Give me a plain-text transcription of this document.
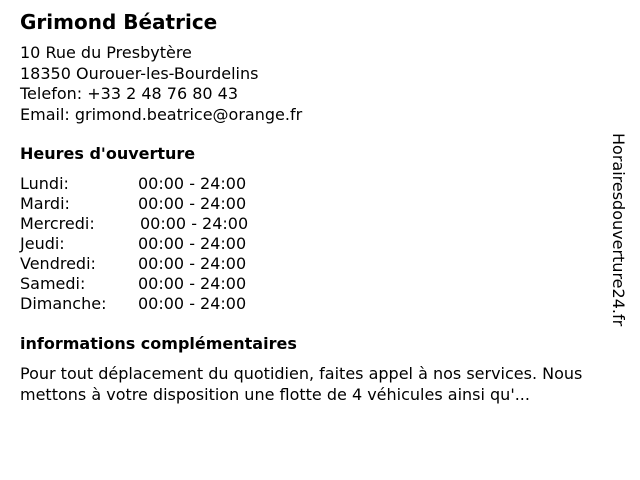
Grimond Béatrice
10 Rue du Presbytère
18350 Ourouer-les-Bourdelins
Telefon: +33 2 48 76 80 43
Email: grimond.beatrice@orange.fr
Heures d'ouverture
Lundi:	00:00 - 24:00
Mardi:	00:00 - 24:00
Mercredi:	00:00 - 24:00
Jeudi:	00:00 - 24:00
Vendredi:	00:00 - 24:00
Samedi:	00:00 - 24:00
Dimanche: 00:00 - 24:00
informations complémentaires
Pour tout déplacement du quotidien, faites appel à nos services. Nous mettons à votre disposition une flotte de 4 véhicules ainsi qu'...
Horairesdouverture24.fr
